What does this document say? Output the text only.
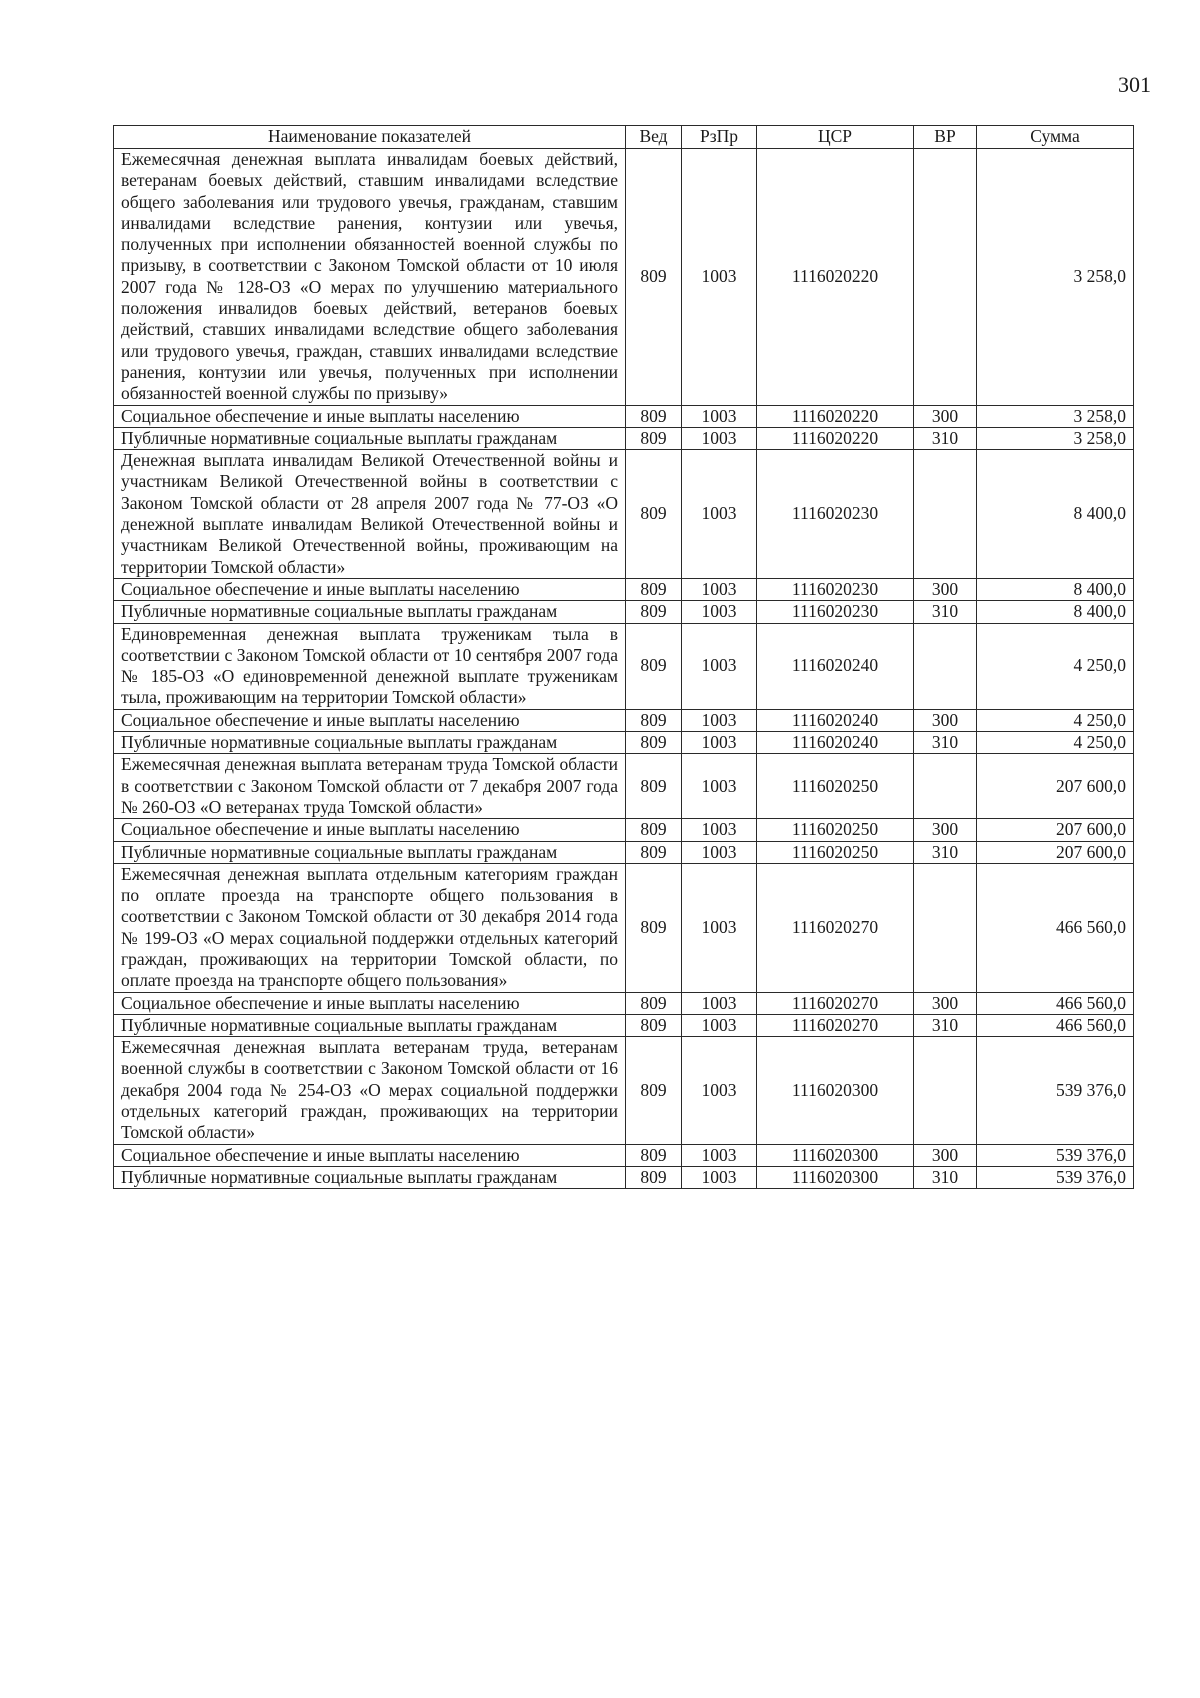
301
Наименование показателей	Вед	РзПр	ЦСР	ВР	Сумма
Ежемесячная денежная выплата инвалидам боевых действий, ветеранам боевых действий, ставшим инвалидами вследствие общего заболевания или трудового увечья, гражданам, ставшим инвалидами вследствие ранения, контузии или увечья, полученных при исполнении обязанностей военной службы по призыву, в соответствии с Законом Томской области от 10 июля 2007 года № 128-ОЗ «О мерах по улучшению материального положения инвалидов боевых действий, ветеранов боевых действий, ставших инвалидами вследствие общего заболевания или трудового увечья, граждан, ставших инвалидами вследствие ранения, контузии или увечья, полученных при исполнении обязанностей военной службы по призыву»	809	1003	1116020220		3 258,0
Социальное обеспечение и иные выплаты населению	809	1003	1116020220	300	3 258,0
Публичные нормативные социальные выплаты гражданам	809	1003	1116020220	310	3 258,0
Денежная выплата инвалидам Великой Отечественной войны и участникам Великой Отечественной войны в соответствии с Законом Томской области от 28 апреля 2007 года № 77-ОЗ «О денежной выплате инвалидам Великой Отечественной войны и участникам Великой Отечественной войны, проживающим на территории Томской области»	809	1003	1116020230		8 400,0
Социальное обеспечение и иные выплаты населению	809	1003	1116020230	300	8 400,0
Публичные нормативные социальные выплаты гражданам	809	1003	1116020230	310	8 400,0
Единовременная денежная выплата труженикам тыла в соответствии с Законом Томской области от 10 сентября 2007 года № 185-ОЗ «О единовременной денежной выплате труженикам тыла, проживающим на территории Томской области»	809	1003	1116020240		4 250,0
Социальное обеспечение и иные выплаты населению	809	1003	1116020240	300	4 250,0
Публичные нормативные социальные выплаты гражданам	809	1003	1116020240	310	4 250,0
Ежемесячная денежная выплата ветеранам труда Томской области в соответствии с Законом Томской области от 7 декабря 2007 года № 260-ОЗ «О ветеранах труда Томской области»	809	1003	1116020250		207 600,0
Социальное обеспечение и иные выплаты населению	809	1003	1116020250	300	207 600,0
Публичные нормативные социальные выплаты гражданам	809	1003	1116020250	310	207 600,0
Ежемесячная денежная выплата отдельным категориям граждан по оплате проезда на транспорте общего пользования в соответствии с Законом Томской области от 30 декабря 2014 года № 199-ОЗ «О мерах социальной поддержки отдельных категорий граждан, проживающих на территории Томской области, по оплате проезда на транспорте общего пользования»	809	1003	1116020270		466 560,0
Социальное обеспечение и иные выплаты населению	809	1003	1116020270	300	466 560,0
Публичные нормативные социальные выплаты гражданам	809	1003	1116020270	310	466 560,0
Ежемесячная денежная выплата ветеранам труда, ветеранам военной службы в соответствии с Законом Томской области от 16 декабря 2004 года № 254-ОЗ «О мерах социальной поддержки отдельных категорий граждан, проживающих на территории Томской области»	809	1003	1116020300		539 376,0
Социальное обеспечение и иные выплаты населению	809	1003	1116020300	300	539 376,0
Публичные нормативные социальные выплаты гражданам	809	1003	1116020300	310	539 376,0
